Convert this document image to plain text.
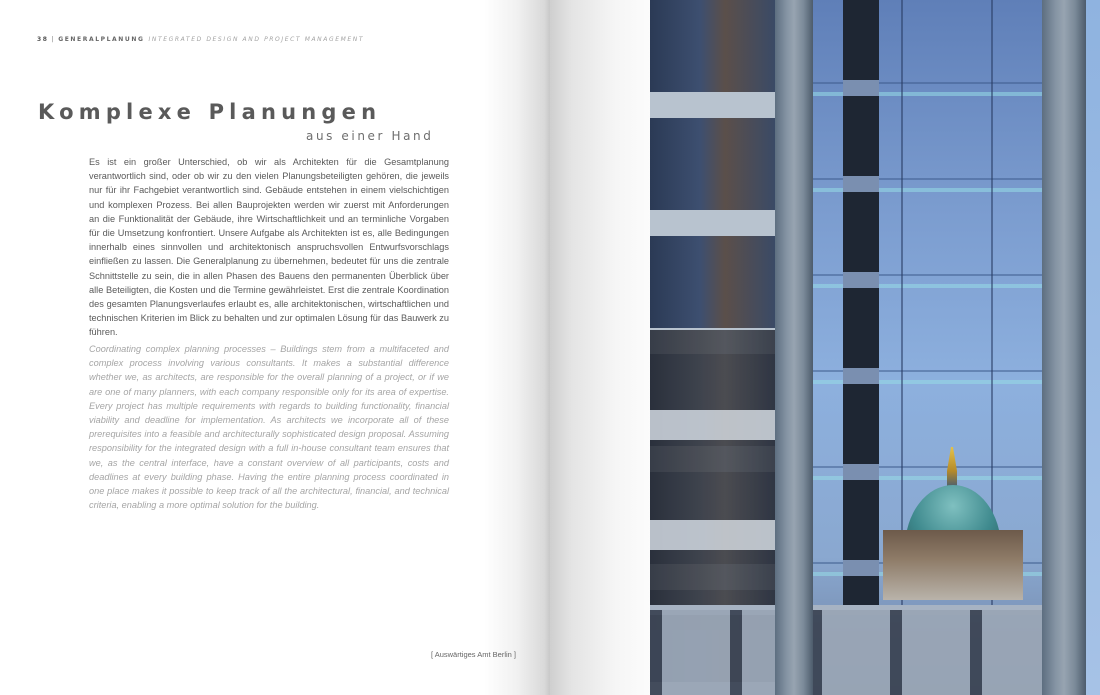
38 | GENERALPLANUNG INTEGRATED DESIGN AND PROJECT MANAGEMENT
Komplexe Planungen
aus einer Hand

Es ist ein großer Unterschied, ob wir als Architekten für die Gesamtplanung verantwortlich sind, oder ob wir zu den vielen Planungsbeteiligten gehören, die jeweils nur für ihr Fachgebiet verantwortlich sind. Gebäude entstehen in einem vielschichtigen und komplexen Prozess. Bei allen Bauprojekten werden wir zuerst mit Anforderungen an die Funktionalität der Gebäude, ihre Wirtschaftlichkeit und an terminliche Vorgaben für die Umsetzung konfrontiert. Unsere Aufgabe als Architekten ist es, alle Bedingungen innerhalb eines sinnvollen und architektonisch anspruchsvollen Entwurfsvorschlags einfließen zu lassen. Die Generalplanung zu übernehmen, bedeutet für uns die zentrale Schnittstelle zu sein, die in allen Phasen des Bauens den permanenten Überblick über alle Beteiligten, die Kosten und die Termine gewährleistet. Erst die zentrale Koordination des gesamten Planungsverlaufes erlaubt es, alle architektonischen, wirtschaftlichen und technischen Kriterien im Blick zu behalten und zur optimalen Lösung für das Bauwerk zu führen.

Coordinating complex planning processes – Buildings stem from a multifaceted and complex process involving various consultants. It makes a substantial difference whether we, as architects, are responsible for the overall planning of a project, or if we are one of many planners, with each company responsible only for its area of expertise. Every project has multiple requirements with regards to building functionality, financial viability and deadline for implementation. As architects we incorporate all of these prerequisites into a feasible and architecturally sophisticated design proposal. Assuming responsibility for the integrated design with a full in-house consultant team ensures that we, as the central interface, have a constant overview of all participants, costs and deadlines at every building phase. Having the entire planning process coordinated in one place makes it possible to keep track of all the architectural, financial, and technical criteria, enabling a more optimal solution for the building.

[ Auswärtiges Amt Berlin ]
